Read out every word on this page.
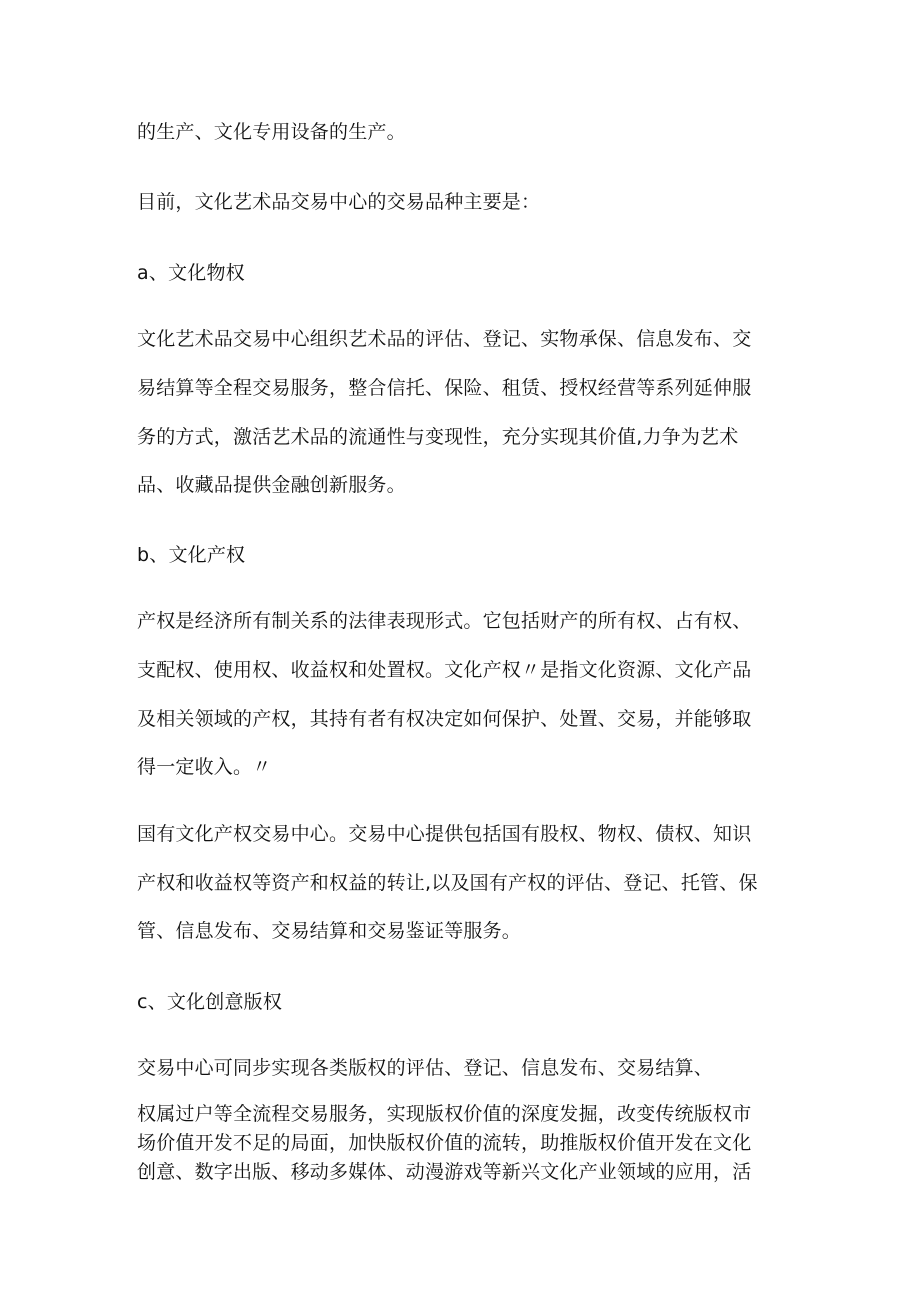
的生产、文化专用设备的生产。
目前，文化艺术品交易中心的交易品种主要是：
a、文化物权
文化艺术品交易中心组织艺术品的评估、登记、实物承保、信息发布、交
易结算等全程交易服务，整合信托、保险、租赁、授权经营等系列延伸服
务的方式，激活艺术品的流通性与变现性，充分实现其价值,力争为艺术
品、收藏品提供金融创新服务。
b、文化产权
产权是经济所有制关系的法律表现形式。它包括财产的所有权、占有权、
支配权、使用权、收益权和处置权。文化产权〃是指文化资源、文化产品
及相关领域的产权，其持有者有权决定如何保护、处置、交易，并能够取
得一定收入。〃
国有文化产权交易中心。交易中心提供包括国有股权、物权、债权、知识
产权和收益权等资产和权益的转让,以及国有产权的评估、登记、托管、保
管、信息发布、交易结算和交易鉴证等服务。
c、文化创意版权
交易中心可同步实现各类版权的评估、登记、信息发布、交易结算、
权属过户等全流程交易服务，实现版权价值的深度发掘，改变传统版权市
场价值开发不足的局面，加快版权价值的流转，助推版权价值开发在文化
创意、数字出版、移动多媒体、动漫游戏等新兴文化产业领域的应用，活
